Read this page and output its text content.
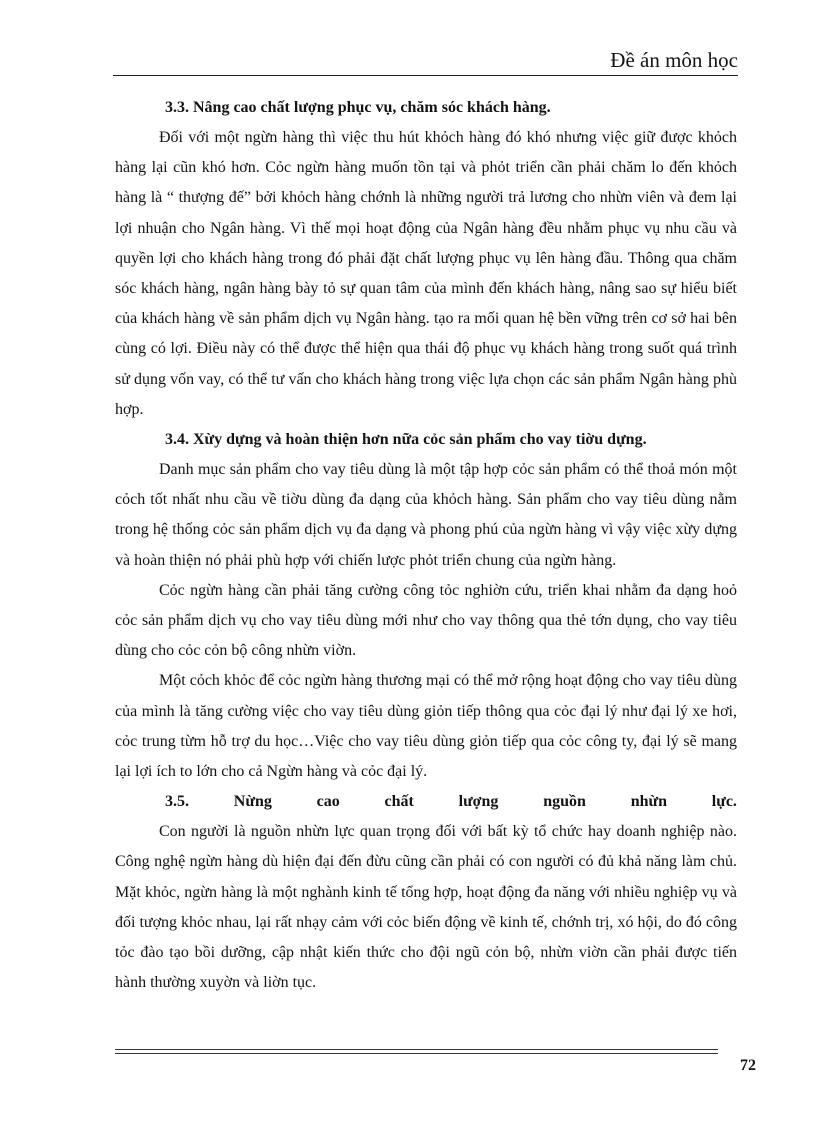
Đề án môn học

3.3. Nâng cao chất lượng phục vụ, chăm sóc khách hàng.

Đối với một ngừn hàng thì việc thu hút khỏch hàng đó khó nhưng việc giữ được khỏch hàng lại cũn khó hơn. Cỏc ngừn hàng muốn tồn tại và phỏt triển cần phải chăm lo đến khỏch hàng là “ thượng đế” bởi khỏch hàng chớnh là những người trả lương cho nhừn viên và đem lại lợi nhuận cho Ngân hàng. Vì thế mọi hoạt động của Ngân hàng đều nhằm phục vụ nhu cầu và quyền lợi cho khách hàng trong đó phải đặt chất lượng phục vụ lên hàng đầu. Thông qua chăm sóc khách hàng, ngân hàng bày tỏ sự quan tâm của mình đến khách hàng, nâng sao sự hiểu biết của khách hàng về sản phẩm dịch vụ Ngân hàng. tạo ra mối quan hệ bền vững trên cơ sở hai bên cùng có lợi. Điều này có thể được thể hiện qua thái độ phục vụ khách hàng trong suốt quá trình sử dụng vốn vay, có thể tư vấn cho khách hàng trong việc lựa chọn các sản phẩm Ngân hàng phù hợp.

3.4. Xừy dựng và hoàn thiện hơn nữa cỏc sản phẩm cho vay tiờu dựng.

Danh mục sản phẩm cho vay tiêu dùng là một tập hợp cỏc sản phẩm có thể thoả món một cỏch tốt nhất nhu cầu về tiờu dùng đa dạng của khỏch hàng. Sản phẩm cho vay tiêu dùng nằm trong hệ thống cỏc sản phẩm dịch vụ đa dạng và phong phú của ngừn hàng vì vậy việc xừy dựng và hoàn thiện nó phải phù hợp với chiến lược phỏt triển chung của ngừn hàng.

Cỏc ngừn hàng cần phải tăng cường công tỏc nghiờn cứu, triển khai nhằm đa dạng hoỏ cỏc sản phẩm dịch vụ cho vay tiêu dùng mới như cho vay thông qua thẻ tớn dụng, cho vay tiêu dùng cho cỏc cỏn bộ công nhừn viờn.

Một cỏch khỏc để cỏc ngừn hàng thương mại có thể mở rộng hoạt động cho vay tiêu dùng của mình là tăng cường việc cho vay tiêu dùng giỏn tiếp thông qua cỏc đại lý như đại lý xe hơi, cỏc trung từm hỗ trợ du học…Việc cho vay tiêu dùng giỏn tiếp qua cỏc công ty, đại lý sẽ mang lại lợi ích to lớn cho cả Ngừn hàng và cỏc đại lý.

3.5.	Nừng	cao	chất	lượng	nguồn	nhừn	lực.

Con người là nguồn nhừn lực quan trọng đối với bất kỳ tổ chức hay doanh nghiệp nào. Công nghệ ngừn hàng dù hiện đại đến đừu cũng cần phải có con người có đủ khả năng làm chủ. Mặt khỏc, ngừn hàng là một nghành kinh tế tổng hợp, hoạt động đa năng với nhiều nghiệp vụ và đối tượng khỏc nhau, lại rất nhạy cảm với cỏc biến động về kinh tế, chớnh trị, xó hội, do đó công tỏc đào tạo bồi dưỡng, cập nhật kiến thức cho đội ngũ cỏn bộ, nhừn viờn cần phải được tiến hành thường xuyờn và liờn tục.

72
